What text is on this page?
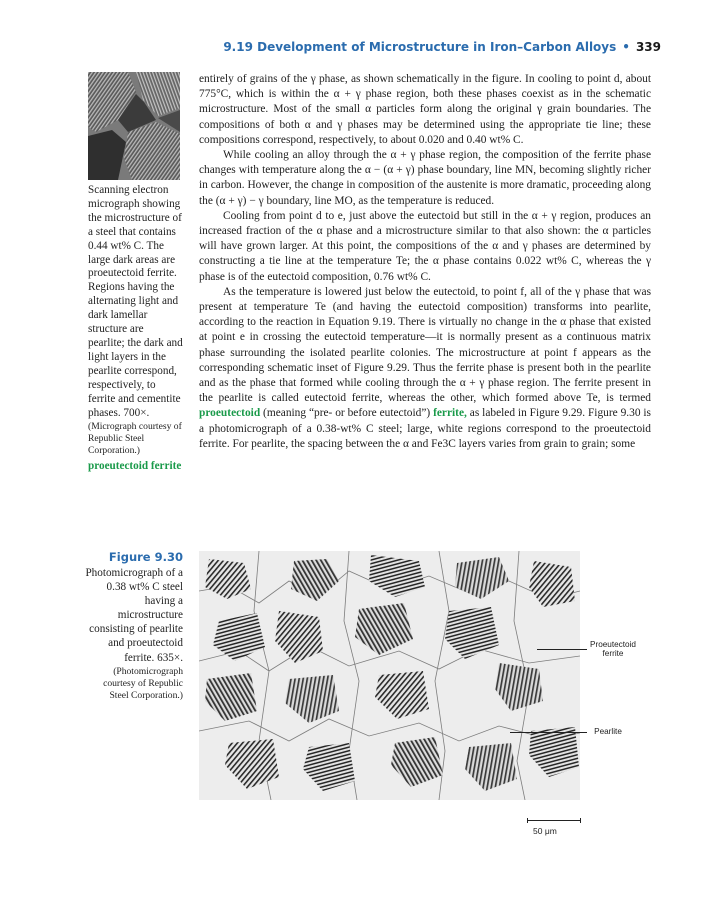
9.19 Development of Microstructure in Iron–Carbon Alloys • 339
Scanning electron micrograph showing the microstructure of a steel that contains 0.44 wt% C. The large dark areas are proeutectoid ferrite. Regions having the alternating light and dark lamellar structure are pearlite; the dark and light layers in the pearlite correspond, respectively, to ferrite and cementite phases. 700×.
(Micrograph courtesy of Republic Steel Corporation.)
proeutectoid ferrite

entirely of grains of the γ phase, as shown schematically in the figure. In cooling to point d, about 775°C, which is within the α + γ phase region, both these phases coexist as in the schematic microstructure. Most of the small α particles form along the original γ grain boundaries. The compositions of both α and γ phases may be determined using the appropriate tie line; these compositions correspond, respectively, to about 0.020 and 0.40 wt% C.

While cooling an alloy through the α + γ phase region, the composition of the ferrite phase changes with temperature along the α − (α + γ) phase boundary, line MN, becoming slightly richer in carbon. However, the change in composition of the austenite is more dramatic, proceeding along the (α + γ) − γ boundary, line MO, as the temperature is reduced.

Cooling from point d to e, just above the eutectoid but still in the α + γ region, produces an increased fraction of the α phase and a microstructure similar to that also shown: the α particles will have grown larger. At this point, the compositions of the α and γ phases are determined by constructing a tie line at the temperature Te; the α phase contains 0.022 wt% C, whereas the γ phase is of the eutectoid composition, 0.76 wt% C.

As the temperature is lowered just below the eutectoid, to point f, all of the γ phase that was present at temperature Te (and having the eutectoid composition) transforms into pearlite, according to the reaction in Equation 9.19. There is virtually no change in the α phase that existed at point e in crossing the eutectoid temperature—it is normally present as a continuous matrix phase surrounding the isolated pearlite colonies. The microstructure at point f appears as the corresponding schematic inset of Figure 9.29. Thus the ferrite phase is present both in the pearlite and as the phase that formed while cooling through the α + γ phase region. The ferrite present in the pearlite is called eutectoid ferrite, whereas the other, which formed above Te, is termed proeutectoid (meaning “pre- or before eutectoid”) ferrite, as labeled in Figure 9.29. Figure 9.30 is a photomicrograph of a 0.38-wt% C steel; large, white regions correspond to the proeutectoid ferrite. For pearlite, the spacing between the α and Fe3C layers varies from grain to grain; some

Figure 9.30
Photomicrograph of a 0.38 wt% C steel having a microstructure consisting of pearlite and proeutectoid ferrite. 635×.
(Photomicrograph courtesy of Republic Steel Corporation.)
Proeutectoid ferrite
Pearlite
50 μm
